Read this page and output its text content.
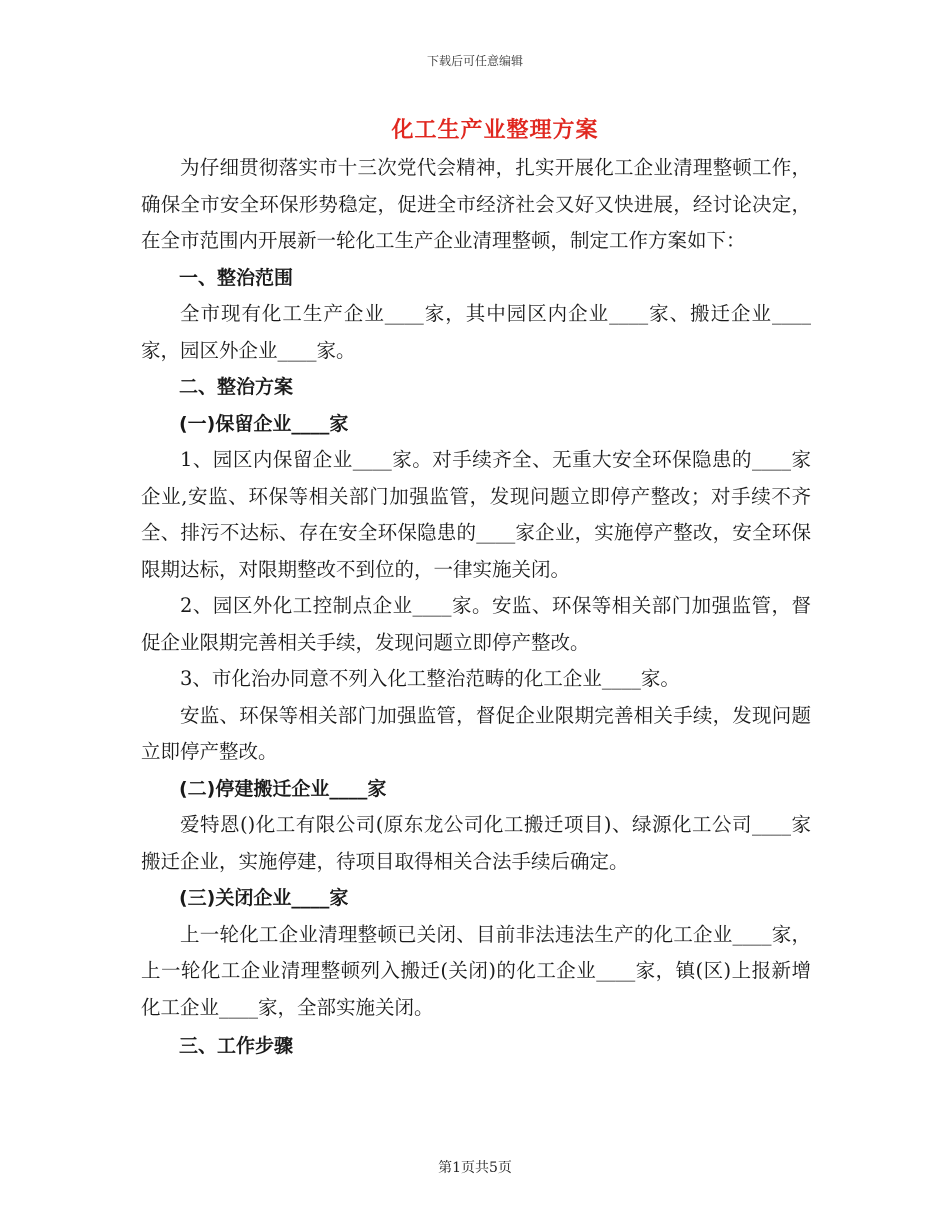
下载后可任意编辑
化工生产业整理方案

为仔细贯彻落实市十三次党代会精神，扎实开展化工企业清理整顿工作，确保全市安全环保形势稳定，促进全市经济社会又好又快进展，经讨论决定，在全市范围内开展新一轮化工生产企业清理整顿，制定工作方案如下：

一、整治范围

全市现有化工生产企业____家，其中园区内企业____家、搬迁企业____家，园区外企业____家。

二、整治方案

(一)保留企业____家

1、园区内保留企业____家。对手续齐全、无重大安全环保隐患的____家企业,安监、环保等相关部门加强监管，发现问题立即停产整改；对手续不齐全、排污不达标、存在安全环保隐患的____家企业，实施停产整改，安全环保限期达标，对限期整改不到位的，一律实施关闭。

2、园区外化工控制点企业____家。安监、环保等相关部门加强监管，督促企业限期完善相关手续，发现问题立即停产整改。

3、市化治办同意不列入化工整治范畴的化工企业____家。

安监、环保等相关部门加强监管，督促企业限期完善相关手续，发现问题立即停产整改。

(二)停建搬迁企业____家

爱特恩()化工有限公司(原东龙公司化工搬迁项目)、绿源化工公司____家搬迁企业，实施停建，待项目取得相关合法手续后确定。

(三)关闭企业____家

上一轮化工企业清理整顿已关闭、目前非法违法生产的化工企业____家，上一轮化工企业清理整顿列入搬迁(关闭)的化工企业____家，镇(区)上报新增化工企业____家，全部实施关闭。

三、工作步骤

第1页共5页
